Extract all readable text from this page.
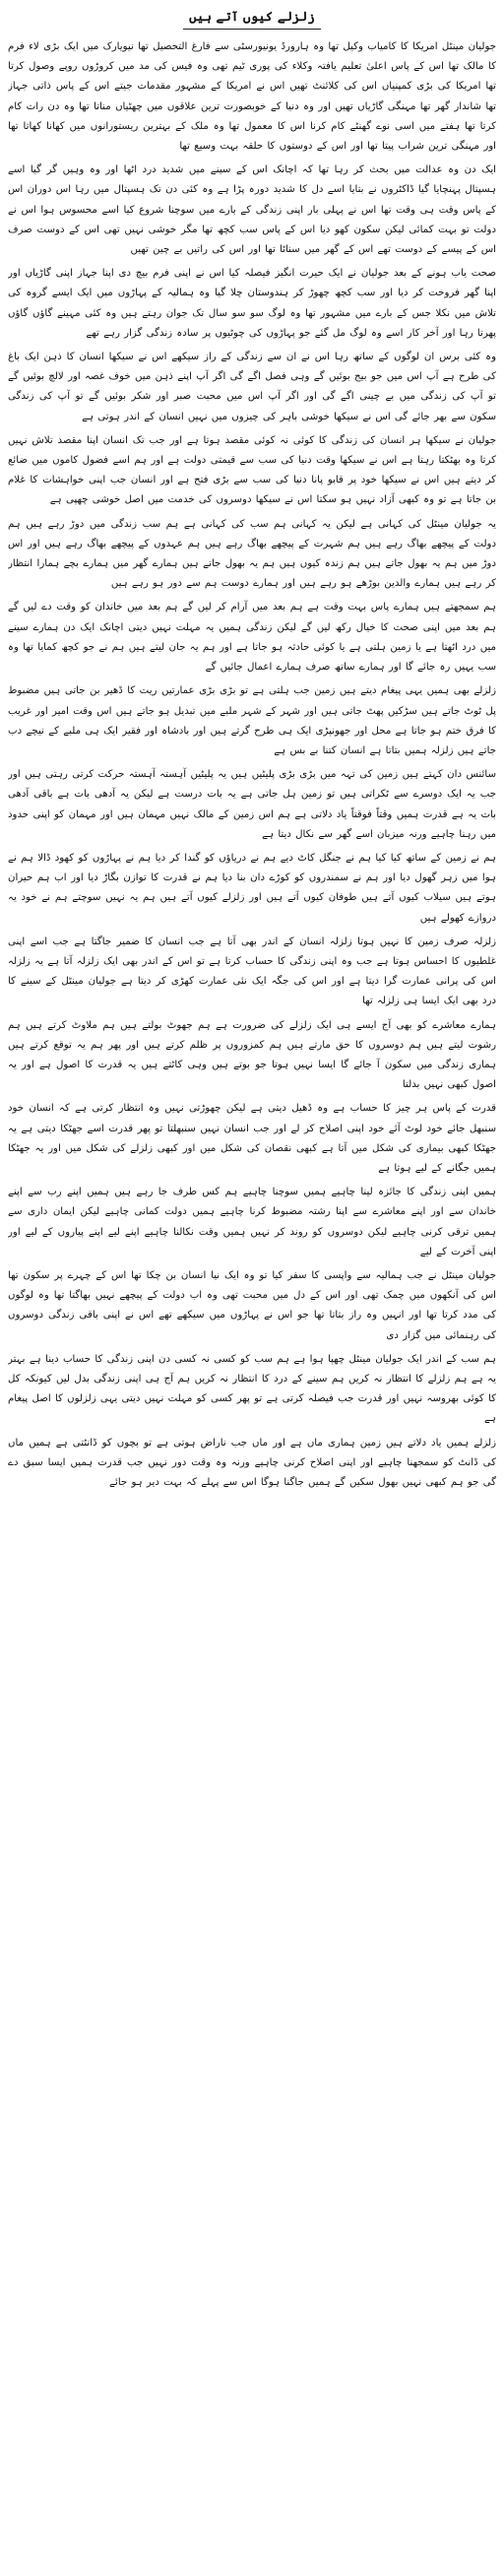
زلزلے کیوں آتے ہیں

جولیان مینٹل امریکا کا کامیاب وکیل تھا وہ ہارورڈ یونیورسٹی سے فارغ التحصیل تھا نیویارک میں ایک بڑی لاء فرم کا مالک تھا اس کے پاس اعلیٰ تعلیم یافتہ وکلاء کی پوری ٹیم تھی وہ فیس کی مد میں کروڑوں روپے وصول کرتا تھا امریکا کی بڑی کمپنیاں اس کی کلائنٹ تھیں اس نے امریکا کے مشہور مقدمات جیتے اس کے پاس ذاتی جہاز تھا شاندار گھر تھا مہنگی گاڑیاں تھیں اور وہ دنیا کے خوبصورت ترین علاقوں میں چھٹیاں مناتا تھا وہ دن رات کام کرتا تھا ہفتے میں اسی نوے گھنٹے کام کرنا اس کا معمول تھا وہ ملک کے بہترین ریستورانوں میں کھانا کھاتا تھا اور مہنگی ترین شراب پیتا تھا اور اس کے دوستوں کا حلقہ بہت وسیع تھا

ایک دن وہ عدالت میں بحث کر رہا تھا کہ اچانک اس کے سینے میں شدید درد اٹھا اور وہ وہیں گر گیا اسے ہسپتال پہنچایا گیا ڈاکٹروں نے بتایا اسے دل کا شدید دورہ پڑا ہے وہ کئی دن تک ہسپتال میں رہا اس دوران اس کے پاس وقت ہی وقت تھا اس نے پہلی بار اپنی زندگی کے بارے میں سوچنا شروع کیا اسے محسوس ہوا اس نے دولت تو بہت کمائی لیکن سکون کھو دیا اس کے پاس سب کچھ تھا مگر خوشی نہیں تھی اس کے دوست صرف اس کے پیسے کے دوست تھے اس کے گھر میں سناٹا تھا اور اس کی راتیں بے چین تھیں

صحت یاب ہونے کے بعد جولیان نے ایک حیرت انگیز فیصلہ کیا اس نے اپنی فرم بیچ دی اپنا جہاز اپنی گاڑیاں اور اپنا گھر فروخت کر دیا اور سب کچھ چھوڑ کر ہندوستان چلا گیا وہ ہمالیہ کے پہاڑوں میں ایک ایسے گروہ کی تلاش میں نکلا جس کے بارے میں مشہور تھا وہ لوگ سو سو سال تک جوان رہتے ہیں وہ کئی مہینے گاؤں گاؤں پھرتا رہا اور آخر کار اسے وہ لوگ مل گئے جو پہاڑوں کی چوٹیوں پر سادہ زندگی گزار رہے تھے

وہ کئی برس ان لوگوں کے ساتھ رہا اس نے ان سے زندگی کے راز سیکھے اس نے سیکھا انسان کا ذہن ایک باغ کی طرح ہے آپ اس میں جو بیج بوئیں گے وہی فصل اگے گی اگر آپ اپنے ذہن میں خوف غصہ اور لالچ بوئیں گے تو آپ کی زندگی میں بے چینی اگے گی اور اگر آپ اس میں محبت صبر اور شکر بوئیں گے تو آپ کی زندگی سکون سے بھر جائے گی اس نے سیکھا خوشی باہر کی چیزوں میں نہیں انسان کے اندر ہوتی ہے

جولیان نے سیکھا ہر انسان کی زندگی کا کوئی نہ کوئی مقصد ہوتا ہے اور جب تک انسان اپنا مقصد تلاش نہیں کرتا وہ بھٹکتا رہتا ہے اس نے سیکھا وقت دنیا کی سب سے قیمتی دولت ہے اور ہم اسے فضول کاموں میں ضائع کر دیتے ہیں اس نے سیکھا خود پر قابو پانا دنیا کی سب سے بڑی فتح ہے اور انسان جب اپنی خواہشات کا غلام بن جاتا ہے تو وہ کبھی آزاد نہیں ہو سکتا اس نے سیکھا دوسروں کی خدمت میں اصل خوشی چھپی ہے

یہ جولیان مینٹل کی کہانی ہے لیکن یہ کہانی ہم سب کی کہانی ہے ہم سب زندگی میں دوڑ رہے ہیں ہم دولت کے پیچھے بھاگ رہے ہیں ہم شہرت کے پیچھے بھاگ رہے ہیں ہم عہدوں کے پیچھے بھاگ رہے ہیں اور اس دوڑ میں ہم یہ بھول جاتے ہیں ہم زندہ کیوں ہیں ہم یہ بھول جاتے ہیں ہمارے گھر میں ہمارے بچے ہمارا انتظار کر رہے ہیں ہمارے والدین بوڑھے ہو رہے ہیں اور ہمارے دوست ہم سے دور ہو رہے ہیں

ہم سمجھتے ہیں ہمارے پاس بہت وقت ہے ہم بعد میں آرام کر لیں گے ہم بعد میں خاندان کو وقت دے لیں گے ہم بعد میں اپنی صحت کا خیال رکھ لیں گے لیکن زندگی ہمیں یہ مہلت نہیں دیتی اچانک ایک دن ہمارے سینے میں درد اٹھتا ہے یا زمین ہلتی ہے یا کوئی حادثہ ہو جاتا ہے اور ہم یہ جان لیتے ہیں ہم نے جو کچھ کمایا تھا وہ سب یہیں رہ جائے گا اور ہمارے ساتھ صرف ہمارے اعمال جائیں گے

زلزلے بھی ہمیں یہی پیغام دیتے ہیں زمین جب ہلتی ہے تو بڑی بڑی عمارتیں ریت کا ڈھیر بن جاتی ہیں مضبوط پل ٹوٹ جاتے ہیں سڑکیں پھٹ جاتی ہیں اور شہر کے شہر ملبے میں تبدیل ہو جاتے ہیں اس وقت امیر اور غریب کا فرق ختم ہو جاتا ہے محل اور جھونپڑی ایک ہی طرح گرتے ہیں اور بادشاہ اور فقیر ایک ہی ملبے کے نیچے دب جاتے ہیں زلزلہ ہمیں بتاتا ہے انسان کتنا بے بس ہے

سائنس دان کہتے ہیں زمین کی تہہ میں بڑی بڑی پلیٹیں ہیں یہ پلیٹیں آہستہ آہستہ حرکت کرتی رہتی ہیں اور جب یہ ایک دوسرے سے ٹکراتی ہیں تو زمین ہل جاتی ہے یہ بات درست ہے لیکن یہ آدھی بات ہے باقی آدھی بات یہ ہے قدرت ہمیں وقتاً فوقتاً یاد دلاتی ہے ہم اس زمین کے مالک نہیں مہمان ہیں اور مہمان کو اپنی حدود میں رہنا چاہیے ورنہ میزبان اسے گھر سے نکال دیتا ہے

ہم نے زمین کے ساتھ کیا کیا ہم نے جنگل کاٹ دیے ہم نے دریاؤں کو گندا کر دیا ہم نے پہاڑوں کو کھود ڈالا ہم نے ہوا میں زہر گھول دیا اور ہم نے سمندروں کو کوڑے دان بنا دیا ہم نے قدرت کا توازن بگاڑ دیا اور اب ہم حیران ہوتے ہیں سیلاب کیوں آتے ہیں طوفان کیوں آتے ہیں اور زلزلے کیوں آتے ہیں ہم یہ نہیں سوچتے ہم نے خود یہ دروازے کھولے ہیں

زلزلہ صرف زمین کا نہیں ہوتا زلزلہ انسان کے اندر بھی آتا ہے جب انسان کا ضمیر جاگتا ہے جب اسے اپنی غلطیوں کا احساس ہوتا ہے جب وہ اپنی زندگی کا حساب کرتا ہے تو اس کے اندر بھی ایک زلزلہ آتا ہے یہ زلزلہ اس کی پرانی عمارت گرا دیتا ہے اور اس کی جگہ ایک نئی عمارت کھڑی کر دیتا ہے جولیان مینٹل کے سینے کا درد بھی ایک ایسا ہی زلزلہ تھا

ہمارے معاشرے کو بھی آج ایسے ہی ایک زلزلے کی ضرورت ہے ہم جھوٹ بولتے ہیں ہم ملاوٹ کرتے ہیں ہم رشوت لیتے ہیں ہم دوسروں کا حق مارتے ہیں ہم کمزوروں پر ظلم کرتے ہیں اور پھر ہم یہ توقع کرتے ہیں ہماری زندگی میں سکون آ جائے گا ایسا نہیں ہوتا جو بوتے ہیں وہی کاٹتے ہیں یہ قدرت کا اصول ہے اور یہ اصول کبھی نہیں بدلتا

قدرت کے پاس ہر چیز کا حساب ہے وہ ڈھیل دیتی ہے لیکن چھوڑتی نہیں وہ انتظار کرتی ہے کہ انسان خود سنبھل جائے خود لوٹ آئے خود اپنی اصلاح کر لے اور جب انسان نہیں سنبھلتا تو پھر قدرت اسے جھٹکا دیتی ہے یہ جھٹکا کبھی بیماری کی شکل میں آتا ہے کبھی نقصان کی شکل میں اور کبھی زلزلے کی شکل میں اور یہ جھٹکا ہمیں جگانے کے لیے ہوتا ہے

ہمیں اپنی زندگی کا جائزہ لینا چاہیے ہمیں سوچنا چاہیے ہم کس طرف جا رہے ہیں ہمیں اپنے رب سے اپنے خاندان سے اور اپنے معاشرے سے اپنا رشتہ مضبوط کرنا چاہیے ہمیں دولت کمانی چاہیے لیکن ایمان داری سے ہمیں ترقی کرنی چاہیے لیکن دوسروں کو روند کر نہیں ہمیں وقت نکالنا چاہیے اپنے لیے اپنے پیاروں کے لیے اور اپنی آخرت کے لیے

جولیان مینٹل نے جب ہمالیہ سے واپسی کا سفر کیا تو وہ ایک نیا انسان بن چکا تھا اس کے چہرے پر سکون تھا اس کی آنکھوں میں چمک تھی اور اس کے دل میں محبت تھی وہ اب دولت کے پیچھے نہیں بھاگتا تھا وہ لوگوں کی مدد کرتا تھا اور انہیں وہ راز بتاتا تھا جو اس نے پہاڑوں میں سیکھے تھے اس نے اپنی باقی زندگی دوسروں کی رہنمائی میں گزار دی

ہم سب کے اندر ایک جولیان مینٹل چھپا ہوا ہے ہم سب کو کسی نہ کسی دن اپنی زندگی کا حساب دینا ہے بہتر یہ ہے ہم زلزلے کا انتظار نہ کریں ہم سینے کے درد کا انتظار نہ کریں ہم آج ہی اپنی زندگی بدل لیں کیونکہ کل کا کوئی بھروسہ نہیں اور قدرت جب فیصلہ کرتی ہے تو پھر کسی کو مہلت نہیں دیتی یہی زلزلوں کا اصل پیغام ہے

زلزلے ہمیں یاد دلاتے ہیں زمین ہماری ماں ہے اور ماں جب ناراض ہوتی ہے تو بچوں کو ڈانٹتی ہے ہمیں ماں کی ڈانٹ کو سمجھنا چاہیے اور اپنی اصلاح کرنی چاہیے ورنہ وہ وقت دور نہیں جب قدرت ہمیں ایسا سبق دے گی جو ہم کبھی نہیں بھول سکیں گے ہمیں جاگنا ہوگا اس سے پہلے کہ بہت دیر ہو جائے
